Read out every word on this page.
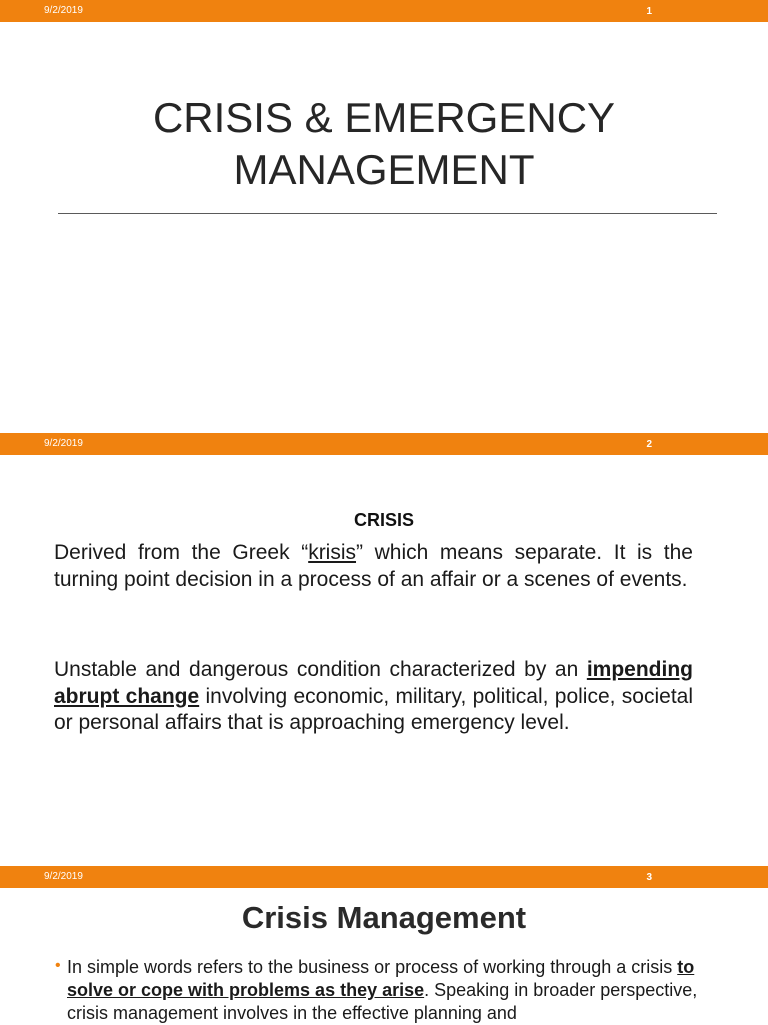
9/2/2019	1
CRISIS & EMERGENCY
MANAGEMENT
9/2/2019	2
CRISIS

Derived from the Greek “krisis” which means separate. It is the turning point decision in a process of an affair or a scenes of events.

Unstable and dangerous condition characterized by an impending abrupt change involving economic, military, political, police, societal or personal affairs that is approaching emergency level.

9/2/2019	3
Crisis Management
• In simple words refers to the business or process of working through a crisis to solve or cope with problems as they arise. Speaking in broader perspective, crisis management involves in the effective planning and
